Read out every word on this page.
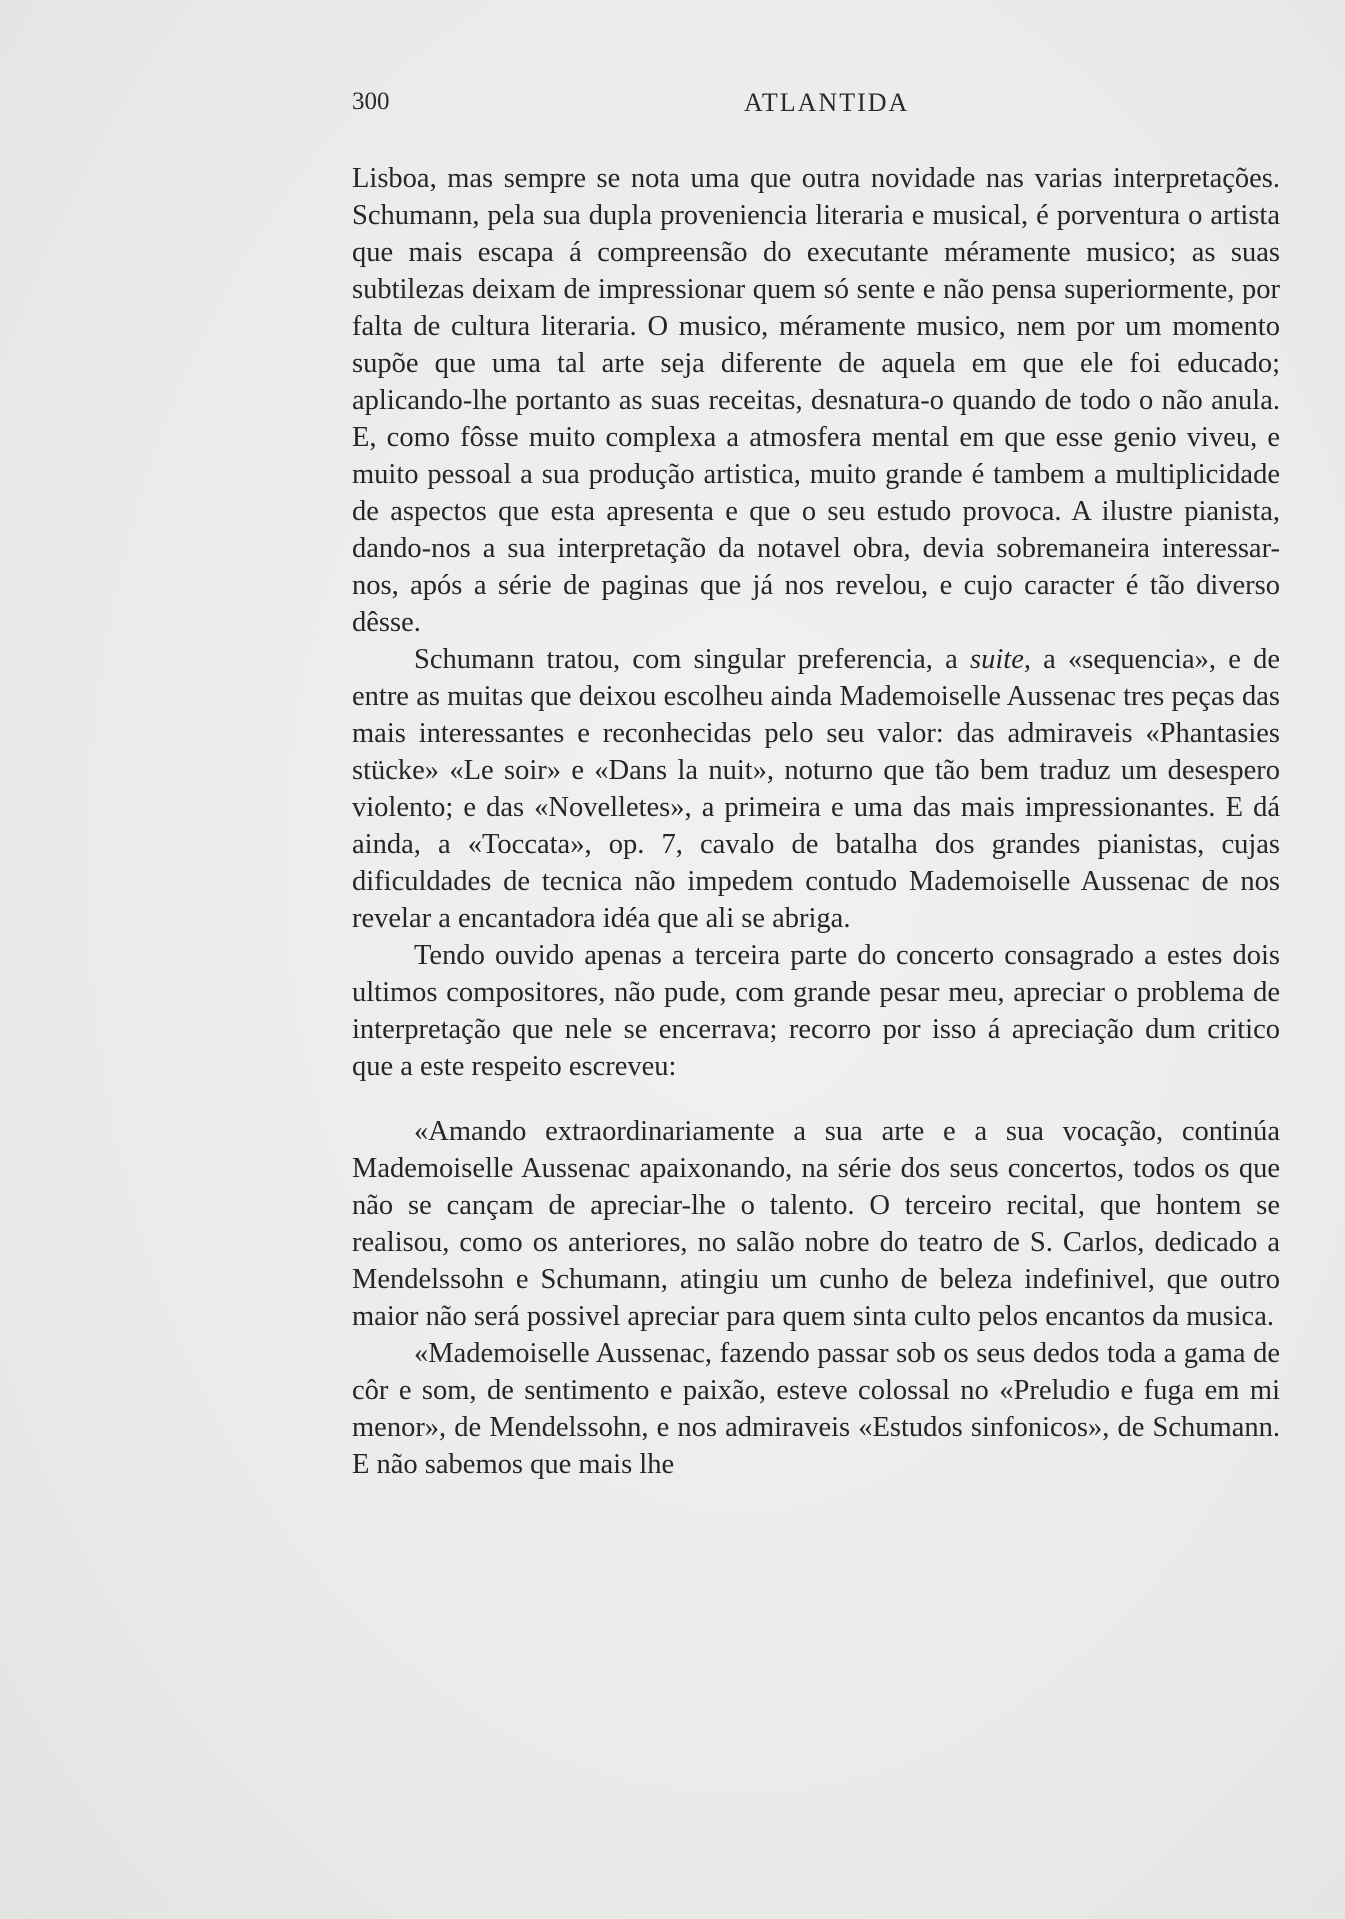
300	ATLANTIDA

Lisboa, mas sempre se nota uma que outra novidade nas varias interpretações. Schumann, pela sua dupla proveniencia literaria e musical, é porventura o artista que mais escapa á compreensão do executante méramente musico; as suas subtilezas deixam de impressionar quem só sente e não pensa superiormente, por falta de cultura literaria. O musico, méramente musico, nem por um momento supõe que uma tal arte seja diferente de aquela em que ele foi educado; aplicando-lhe portanto as suas receitas, desnatura-o quando de todo o não anula. E, como fôsse muito complexa a atmosfera mental em que esse genio viveu, e muito pessoal a sua produção artistica, muito grande é tambem a multiplicidade de aspectos que esta apresenta e que o seu estudo provoca. A ilustre pianista, dando-nos a sua interpretação da notavel obra, devia sobremaneira interessar-nos, após a série de paginas que já nos revelou, e cujo caracter é tão diverso dêsse.

Schumann tratou, com singular preferencia, a suite, a «sequencia», e de entre as muitas que deixou escolheu ainda Mademoiselle Aussenac tres peças das mais interessantes e reconhecidas pelo seu valor: das admiraveis «Phantasies stücke» «Le soir» e «Dans la nuit», noturno que tão bem traduz um desespero violento; e das «Novelletes», a primeira e uma das mais impressionantes. E dá ainda, a «Toccata», op. 7, cavalo de batalha dos grandes pianistas, cujas dificuldades de tecnica não impedem contudo Mademoiselle Aussenac de nos revelar a encantadora idéa que ali se abriga.

Tendo ouvido apenas a terceira parte do concerto consagrado a estes dois ultimos compositores, não pude, com grande pesar meu, apreciar o problema de interpretação que nele se encerrava; recorro por isso á apreciação dum critico que a este respeito escreveu:

«Amando extraordinariamente a sua arte e a sua vocação, continúa Mademoiselle Aussenac apaixonando, na série dos seus concertos, todos os que não se cançam de apreciar-lhe o talento. O terceiro recital, que hontem se realisou, como os anteriores, no salão nobre do teatro de S. Carlos, dedicado a Mendelssohn e Schumann, atingiu um cunho de beleza indefinivel, que outro maior não será possivel apreciar para quem sinta culto pelos encantos da musica.

«Mademoiselle Aussenac, fazendo passar sob os seus dedos toda a gama de côr e som, de sentimento e paixão, esteve colossal no «Preludio e fuga em mi menor», de Mendelssohn, e nos admiraveis «Estudos sinfonicos», de Schumann. E não sabemos que mais lhe
